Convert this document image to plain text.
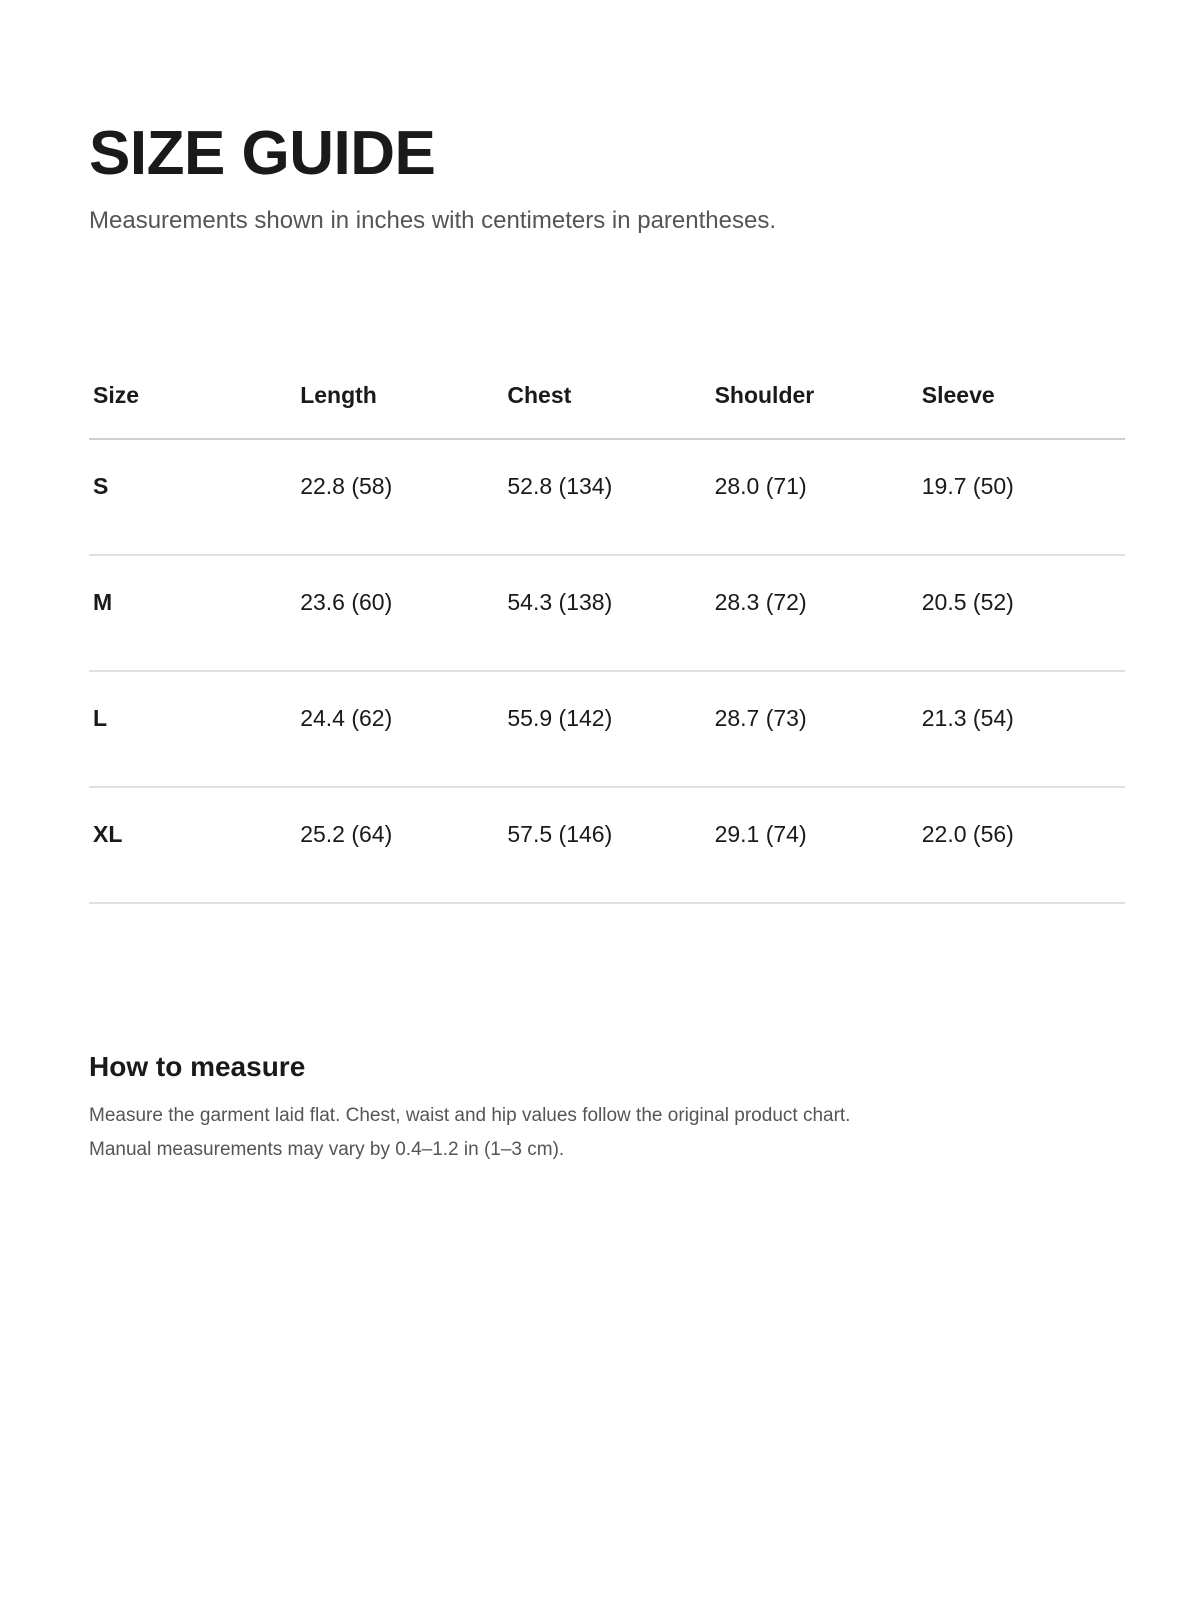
SIZE GUIDE

Measurements shown in inches with centimeters in parentheses.

Size	Length	Chest	Shoulder	Sleeve
S	22.8 (58)	52.8 (134)	28.0 (71)	19.7 (50)
M	23.6 (60)	54.3 (138)	28.3 (72)	20.5 (52)
L	24.4 (62)	55.9 (142)	28.7 (73)	21.3 (54)
XL	25.2 (64)	57.5 (146)	29.1 (74)	22.0 (56)
How to measure

Measure the garment laid flat. Chest, waist and hip values follow the original product chart.

Manual measurements may vary by 0.4–1.2 in (1–3 cm).
